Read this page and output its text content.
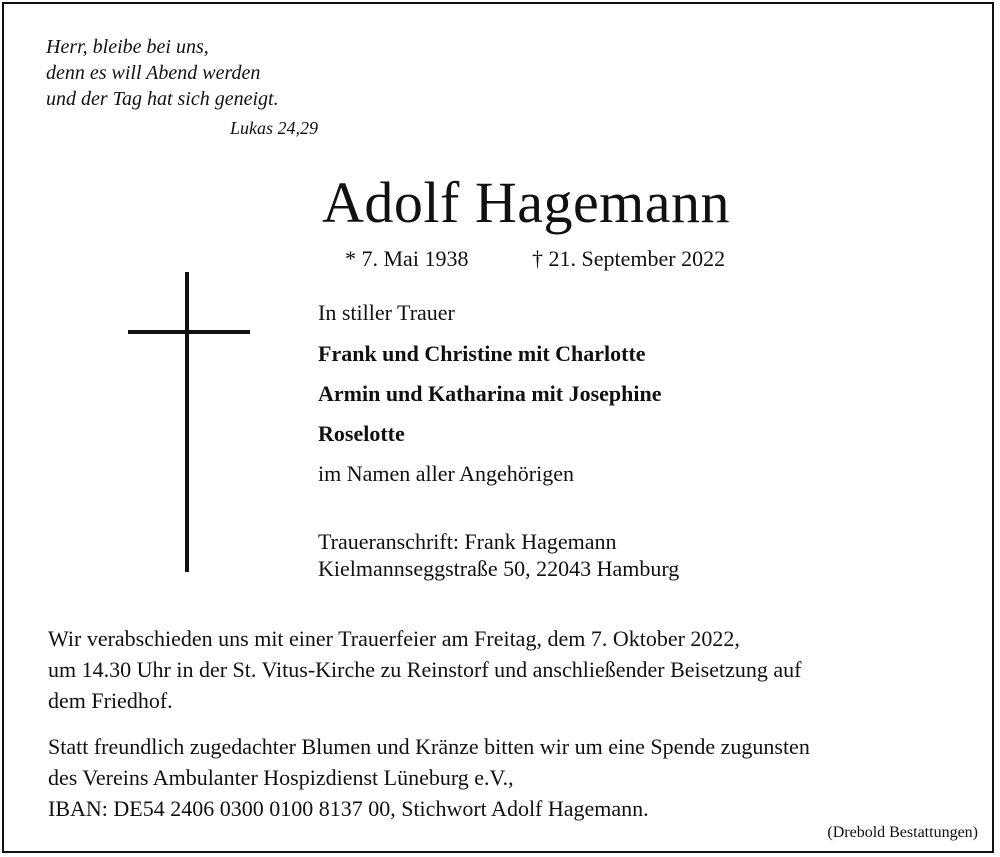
Herr, bleibe bei uns,
denn es will Abend werden
und der Tag hat sich geneigt.
Lukas 24,29
Adolf Hagemann
* 7. Mai 1938	† 21. September 2022
In stiller Trauer
Frank und Christine mit Charlotte
Armin und Katharina mit Josephine
Roselotte
im Namen aller Angehörigen
Traueranschrift: Frank Hagemann
Kielmannseggstraße 50, 22043 Hamburg
Wir verabschieden uns mit einer Trauerfeier am Freitag, dem 7. Oktober 2022,
um 14.30 Uhr in der St. Vitus-Kirche zu Reinstorf und anschließender Beisetzung auf
dem Friedhof.
Statt freundlich zugedachter Blumen und Kränze bitten wir um eine Spende zugunsten
des Vereins Ambulanter Hospizdienst Lüneburg e.V.,
IBAN: DE54 2406 0300 0100 8137 00, Stichwort Adolf Hagemann.
(Drebold Bestattungen)
